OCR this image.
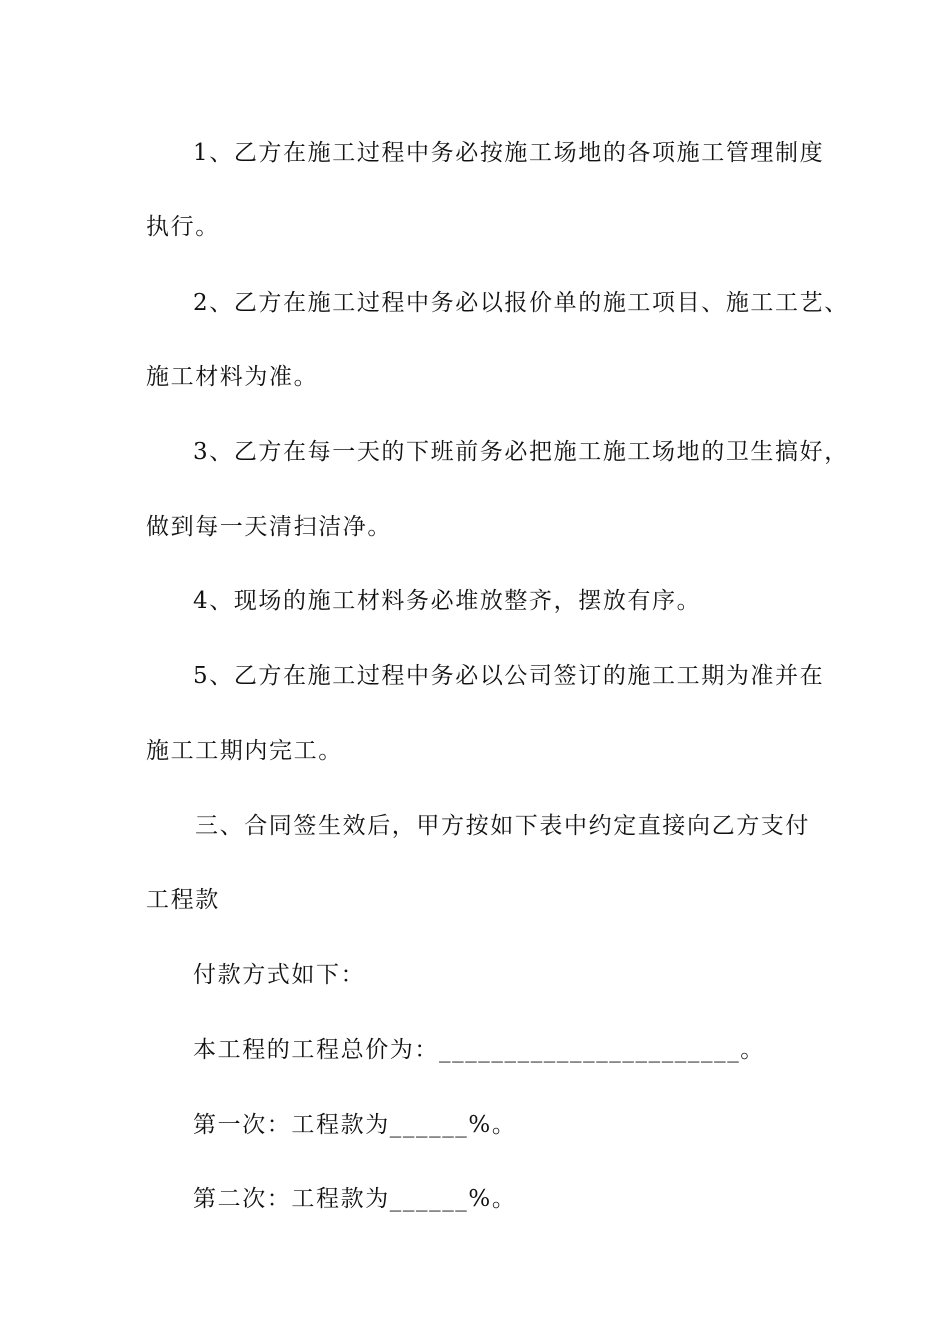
1、乙方在施工过程中务必按施工场地的各项施工管理制度
执行。
2、乙方在施工过程中务必以报价单的施工项目、施工工艺、
施工材料为准。
3、乙方在每一天的下班前务必把施工施工场地的卫生搞好，
做到每一天清扫洁净。
4、现场的施工材料务必堆放整齐，摆放有序。
5、乙方在施工过程中务必以公司签订的施工工期为准并在
施工工期内完工。
三、合同签生效后，甲方按如下表中约定直接向乙方支付
工程款
付款方式如下：
本工程的工程总价为：_______________________。
第一次：工程款为______%。
第二次：工程款为______%。
